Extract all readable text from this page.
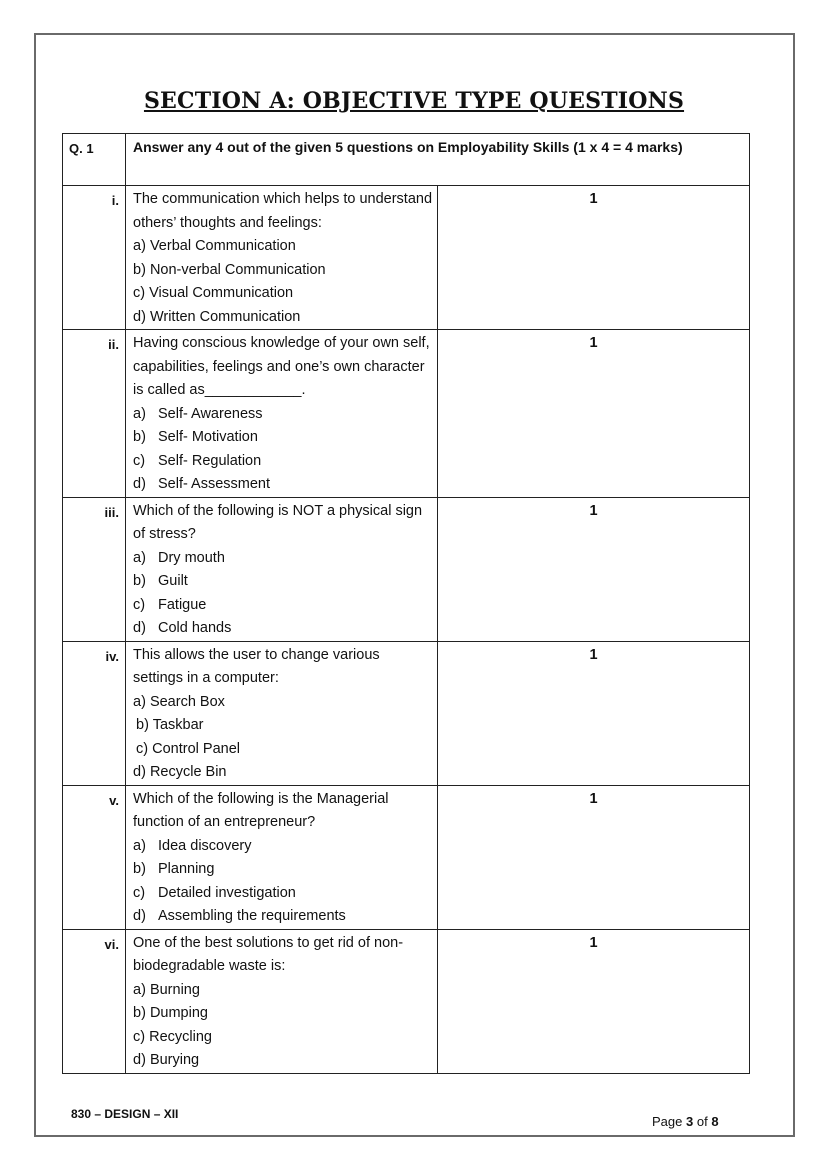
SECTION A: OBJECTIVE TYPE QUESTIONS
Q. 1	Answer any 4 out of the given 5 questions on Employability Skills (1 x 4 = 4 marks)	
i.	The communication which helps to understand others’ thoughts and feelings:
a) Verbal Communication
b) Non-verbal Communication
c) Visual Communication
d) Written Communication	1
ii.	Having conscious knowledge of your own self, capabilities, feelings and one’s own character is called as____________.
a) Self- Awareness
b) Self- Motivation
c) Self- Regulation
d) Self- Assessment	1
iii.	Which of the following is NOT a physical sign of stress?
a) Dry mouth
b) Guilt
c) Fatigue
d) Cold hands	1
iv.	This allows the user to change various settings in a computer:
a) Search Box
b) Taskbar
c) Control Panel
d) Recycle Bin	1
v.	Which of the following is the Managerial function of an entrepreneur?
a) Idea discovery
b) Planning
c) Detailed investigation
d) Assembling the requirements	1
vi.	One of the best solutions to get rid of non-biodegradable waste is:
a) Burning
b) Dumping
c) Recycling
d) Burying	1
830 – DESIGN – XII	Page 3 of 8
